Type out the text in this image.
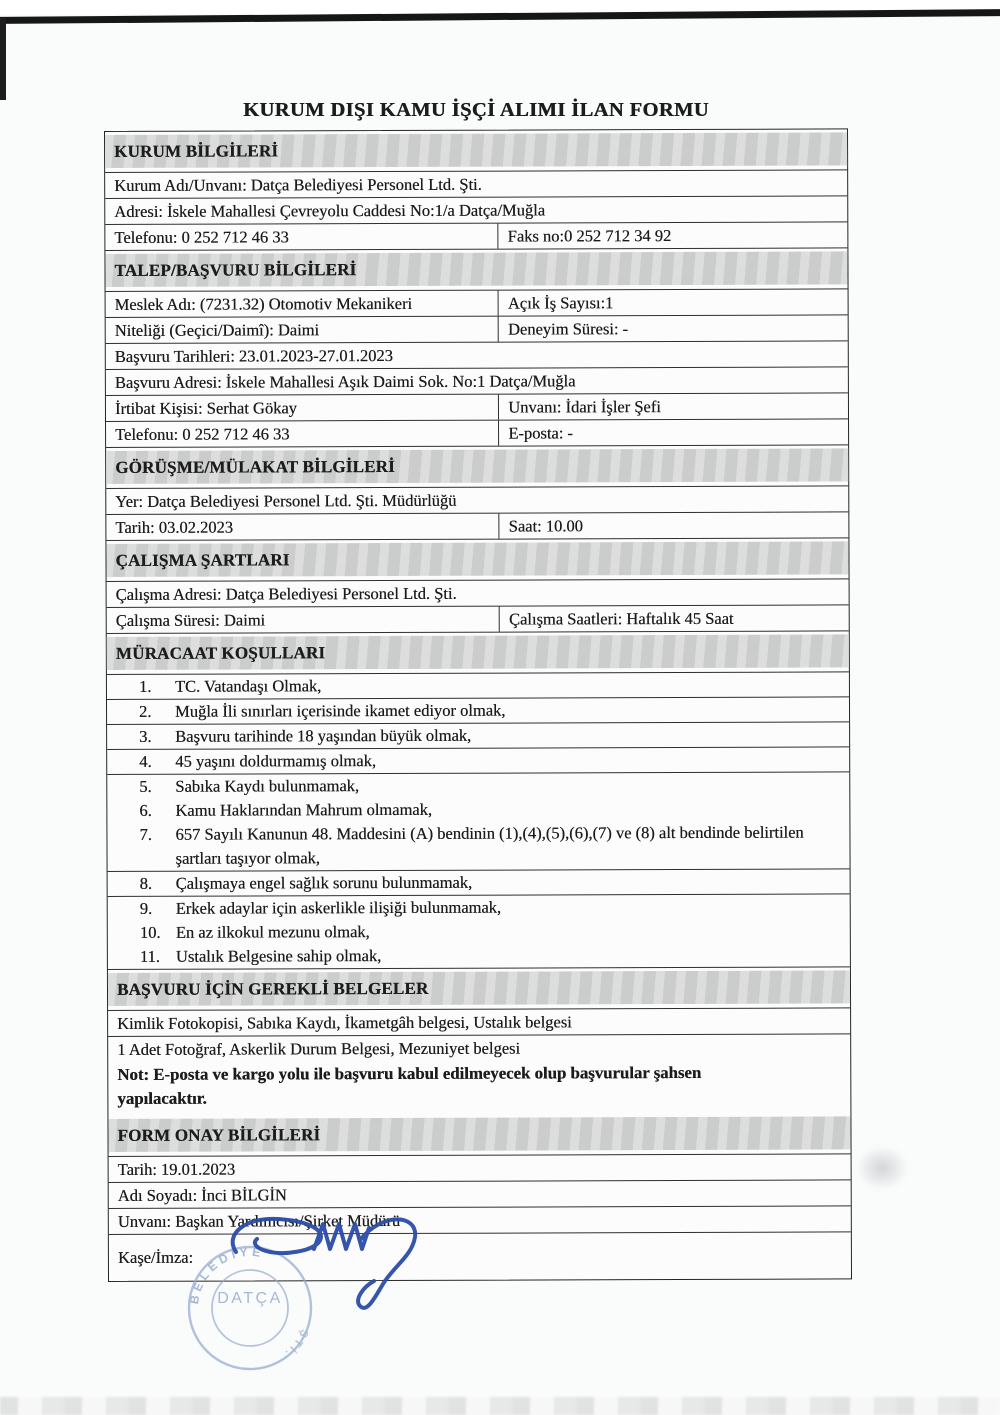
KURUM DIŞI KAMU İŞÇİ ALIMI İLAN FORMU
KURUM BİLGİLERİ
Kurum Adı/Unvanı: Datça Belediyesi Personel Ltd. Şti.
Adresi: İskele Mahallesi Çevreyolu Caddesi No:1/a Datça/Muğla
Telefonu: 0 252 712 46 33	Faks no:0 252 712 34 92
TALEP/BAŞVURU BİLGİLERİ
Meslek Adı: (7231.32) Otomotiv Mekanikeri	Açık İş Sayısı:1
Niteliği (Geçici/Daimî): Daimi	Deneyim Süresi: -
Başvuru Tarihleri: 23.01.2023-27.01.2023
Başvuru Adresi: İskele Mahallesi Aşık Daimi Sok. No:1 Datça/Muğla
İrtibat Kişisi: Serhat Gökay	Unvanı: İdari İşler Şefi
Telefonu: 0 252 712 46 33	E-posta: -
GÖRÜŞME/MÜLAKAT BİLGİLERİ
Yer: Datça Belediyesi Personel Ltd. Şti. Müdürlüğü
Tarih: 03.02.2023	Saat: 10.00
ÇALIŞMA ŞARTLARI
Çalışma Adresi: Datça Belediyesi Personel Ltd. Şti.
Çalışma Süresi: Daimi	Çalışma Saatleri: Haftalık 45 Saat
MÜRACAAT KOŞULLARI
1.	TC. Vatandaşı Olmak,
2.	Muğla İli sınırları içerisinde ikamet ediyor olmak,
3.	Başvuru tarihinde 18 yaşından büyük olmak,
4.	45 yaşını doldurmamış olmak,
5.	Sabıka Kaydı bulunmamak,
6.	Kamu Haklarından Mahrum olmamak,
7.	657 Sayılı Kanunun 48. Maddesini (A) bendinin (1),(4),(5),(6),(7) ve (8) alt bendinde belirtilen şartları taşıyor olmak,
8.	Çalışmaya engel sağlık sorunu bulunmamak,
9.	Erkek adaylar için askerlikle ilişiği bulunmamak,
10. En az ilkokul mezunu olmak,
11. Ustalık Belgesine sahip olmak,
BAŞVURU İÇİN GEREKLİ BELGELER
Kimlik Fotokopisi, Sabıka Kaydı, İkametgâh belgesi, Ustalık belgesi
1 Adet Fotoğraf, Askerlik Durum Belgesi, Mezuniyet belgesi
Not: E-posta ve kargo yolu ile başvuru kabul edilmeyecek olup başvurular şahsen yapılacaktır.
FORM ONAY BİLGİLERİ
Tarih: 19.01.2023
Adı Soyadı: İnci BİLGİN
Unvanı: Başkan Yardımcısı/Şirket Müdürü
Kaşe/İmza:
BELEDİYE
ŞTİ.
DATÇA
